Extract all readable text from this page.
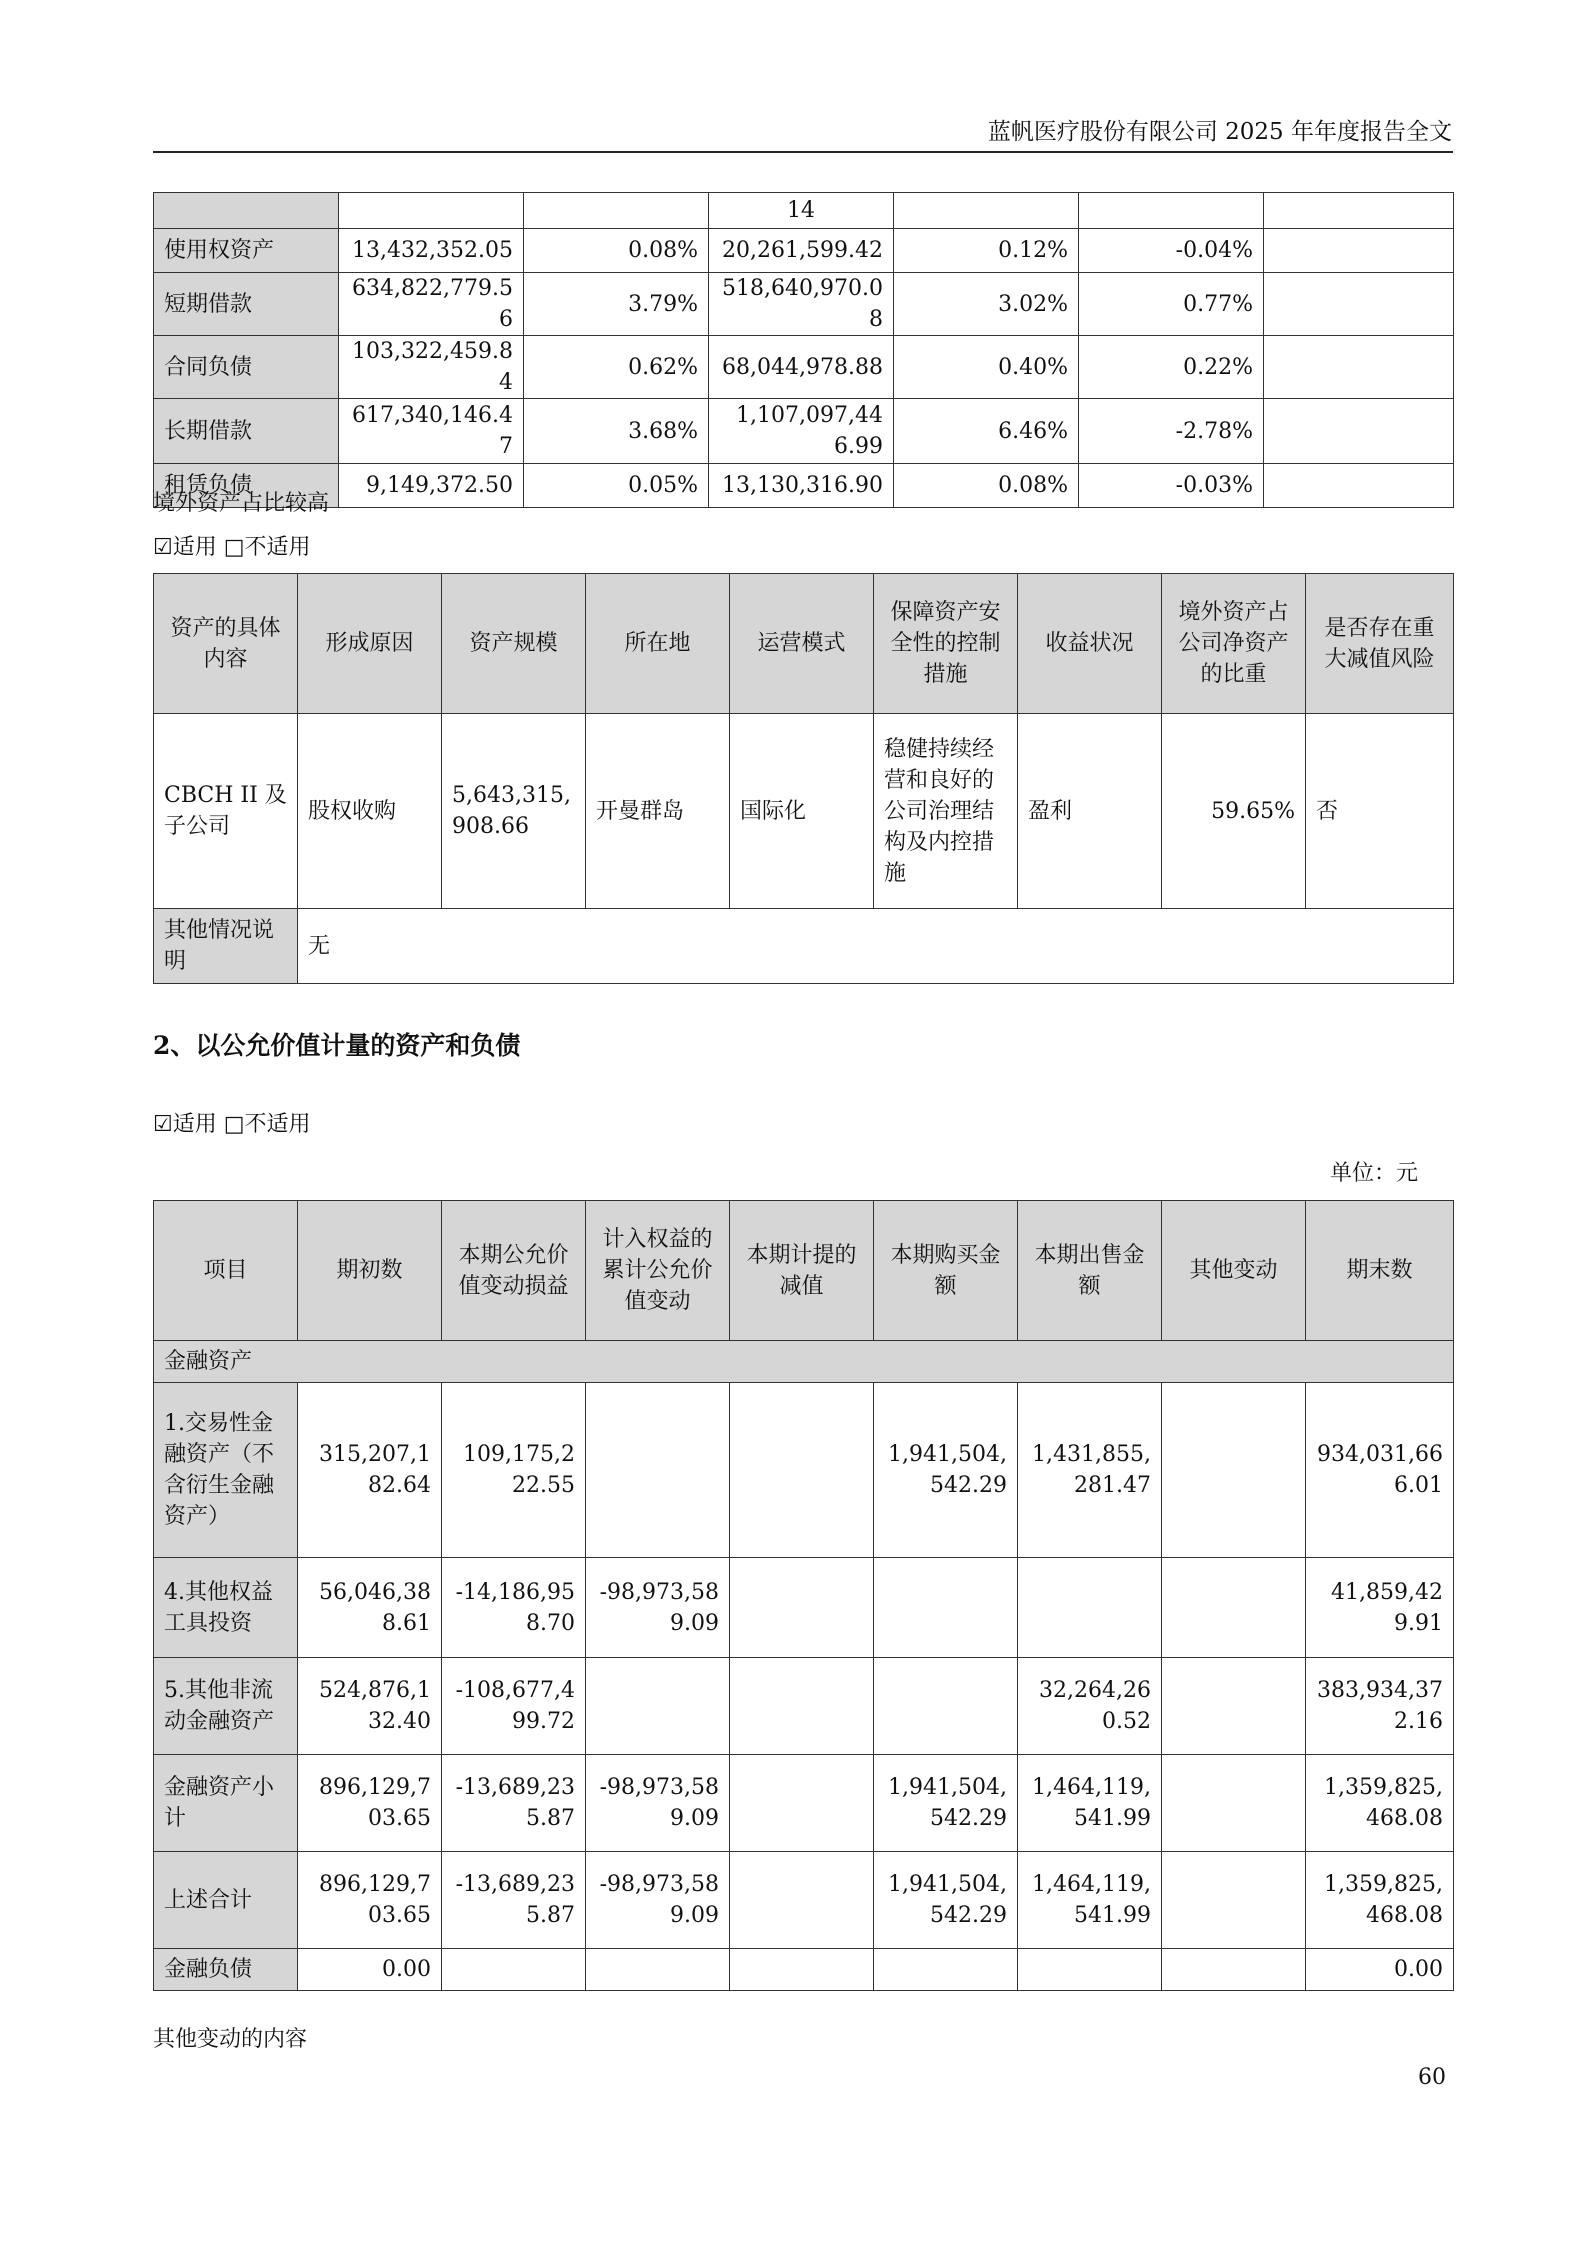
蓝帆医疗股份有限公司 2025 年年度报告全文
			14			
使用权资产	13,432,352.05	0.08%	20,261,599.42	0.12%	-0.04%	
短期借款	634,822,779.56	3.79%	518,640,970.08	3.02%	0.77%	
合同负债	103,322,459.84	0.62%	68,044,978.88	0.40%	0.22%	
长期借款	617,340,146.47	3.68%	1,107,097,446.99	6.46%	-2.78%	
租赁负债	9,149,372.50	0.05%	13,130,316.90	0.08%	-0.03%	
境外资产占比较高
☑适用 □不适用
资产的具体内容	形成原因	资产规模	所在地	运营模式	保障资产安全性的控制措施	收益状况	境外资产占公司净资产的比重	是否存在重大减值风险
CBCH II 及子公司	股权收购	5,643,315,908.66	开曼群岛	国际化	稳健持续经营和良好的公司治理结构及内控措施	盈利	59.65%	否
其他情况说明	无							
2、以公允价值计量的资产和负债
☑适用 □不适用
单位：元
项目	期初数	本期公允价值变动损益	计入权益的累计公允价值变动	本期计提的减值	本期购买金额	本期出售金额	其他变动	期末数
金融资产								
1.交易性金融资产（不含衍生金融资产）	315,207,182.64	109,175,222.55			1,941,504,542.29	1,431,855,281.47		934,031,666.01
4.其他权益工具投资	56,046,388.61	-14,186,958.70	-98,973,589.09					41,859,429.91
5.其他非流动金融资产	524,876,132.40	-108,677,499.72				32,264,260.52		383,934,372.16
金融资产小计	896,129,703.65	-13,689,235.87	-98,973,589.09		1,941,504,542.29	1,464,119,541.99		1,359,825,468.08
上述合计	896,129,703.65	-13,689,235.87	-98,973,589.09		1,941,504,542.29	1,464,119,541.99		1,359,825,468.08
金融负债	0.00							0.00
其他变动的内容
60
